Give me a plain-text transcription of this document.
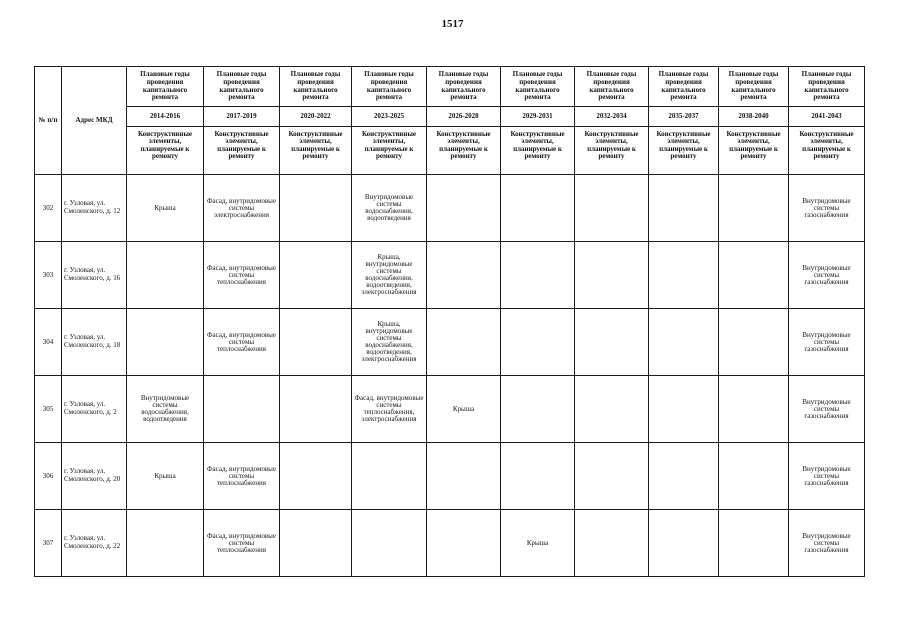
1517
№ п/п	Адрес МКД	Плановые годы проведения капитального ремонта	Плановые годы проведения капитального ремонта	Плановые годы проведения капитального ремонта	Плановые годы проведения капитального ремонта	Плановые годы проведения капитального ремонта	Плановые годы проведения капитального ремонта	Плановые годы проведения капитального ремонта	Плановые годы проведения капитального ремонта	Плановые годы проведения капитального ремонта	Плановые годы проведения капитального ремонта
		2014-2016	2017-2019	2020-2022	2023-2025	2026-2028	2029-2031	2032-2034	2035-2037	2038-2040	2041-2043
		Конструктивные элементы, планируемые к ремонту	Конструктивные элементы, планируемые к ремонту	Конструктивные элементы, планируемые к ремонту	Конструктивные элементы, планируемые к ремонту	Конструктивные элементы, планируемые к ремонту	Конструктивные элементы, планируемые к ремонту	Конструктивные элементы, планируемые к ремонту	Конструктивные элементы, планируемые к ремонту	Конструктивные элементы, планируемые к ремонту	Конструктивные элементы, планируемые к ремонту
302	г. Узловая, ул. Смоленского, д. 12	Крыша	Фасад, внутридомовые системы электроснабжения		Внутридомовые системы водоснабжения, водоотведения						Внутридомовые системы газоснабжения
303	г. Узловая, ул. Смоленского, д. 16		Фасад, внутридомовые системы теплоснабжения		Крыша, внутридомовые системы водоснабжения, водоотведения, электроснабжения						Внутридомовые системы газоснабжения
304	г. Узловая, ул. Смоленского, д. 18		Фасад, внутридомовые системы теплоснабжения		Крыша, внутридомовые системы водоснабжения, водоотведения, электроснабжения						Внутридомовые системы газоснабжения
305	г. Узловая, ул. Смоленского, д. 2	Внутридомовые системы водоснабжения, водоотведения			Фасад, внутридомовые системы теплоснабжения, электроснабжения	Крыша					Внутридомовые системы газоснабжения
306	г. Узловая, ул. Смоленского, д. 20	Крыша	Фасад, внутридомовые системы теплоснабжения								Внутридомовые системы газоснабжения
307	г. Узловая, ул. Смоленского, д. 22		Фасад, внутридомовые системы теплоснабжения				Крыша				Внутридомовые системы газоснабжения
